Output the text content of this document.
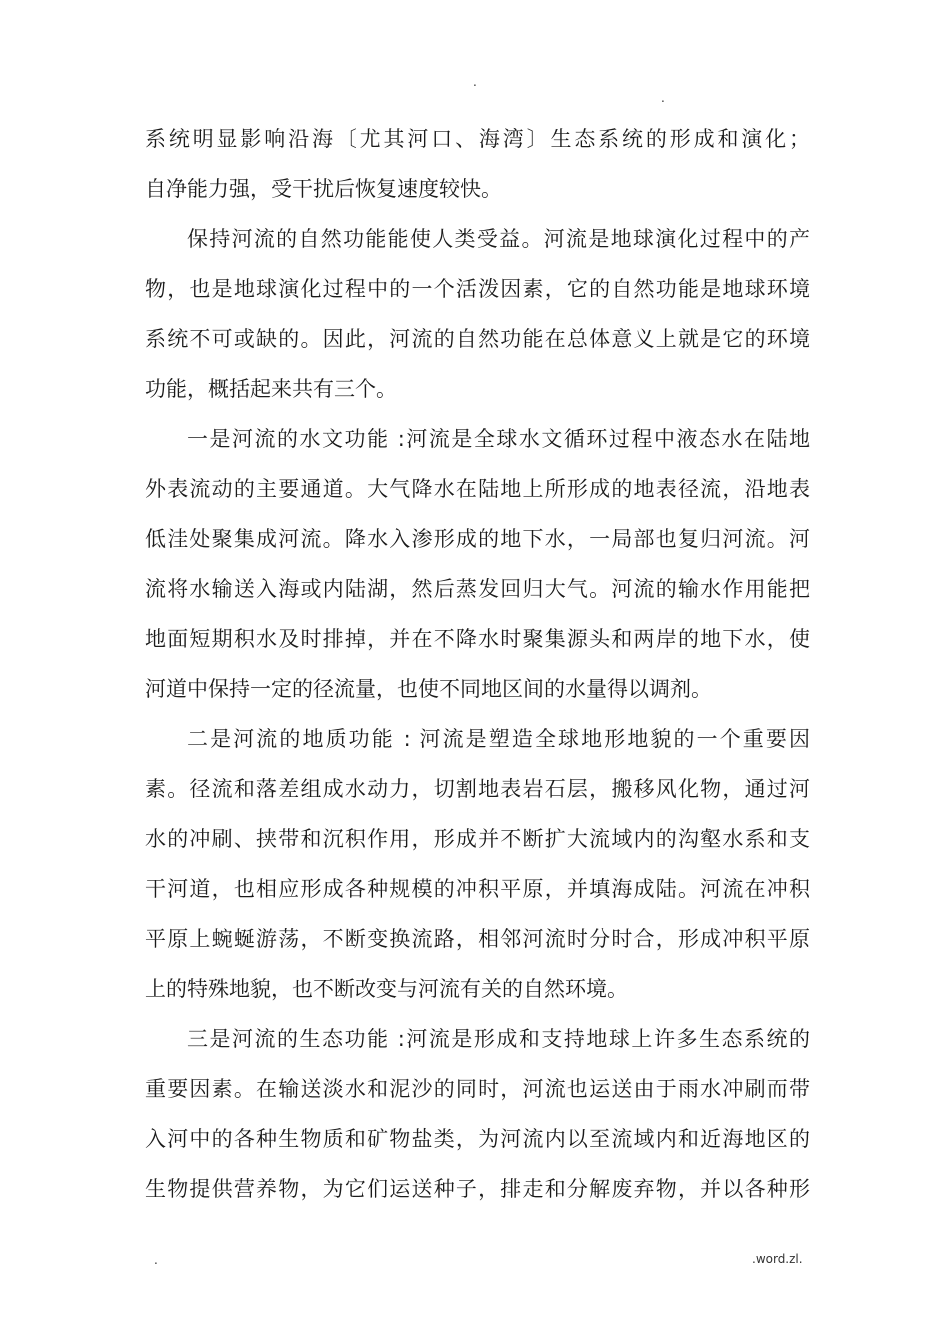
.
.
系统明显影响沿海〔尤其河口、海湾〕生态系统的形成和演化；
自净能力强，受干扰后恢复速度较快。
保持河流的自然功能能使人类受益。河流是地球演化过程中的产
物，也是地球演化过程中的一个活泼因素，它的自然功能是地球环境
系统不可或缺的。因此，河流的自然功能在总体意义上就是它的环境
功能，概括起来共有三个。
一是河流的水文功能 :河流是全球水文循环过程中液态水在陆地
外表流动的主要通道。大气降水在陆地上所形成的地表径流，沿地表
低洼处聚集成河流。降水入渗形成的地下水，一局部也复归河流。河
流将水输送入海或内陆湖，然后蒸发回归大气。河流的输水作用能把
地面短期积水及时排掉，并在不降水时聚集源头和两岸的地下水，使
河道中保持一定的径流量，也使不同地区间的水量得以调剂。
二是河流的地质功能 : 河流是塑造全球地形地貌的一个重要因
素。径流和落差组成水动力，切割地表岩石层，搬移风化物，通过河
水的冲刷、挟带和沉积作用，形成并不断扩大流域内的沟壑水系和支
干河道，也相应形成各种规模的冲积平原，并填海成陆。河流在冲积
平原上蜿蜒游荡，不断变换流路，相邻河流时分时合，形成冲积平原
上的特殊地貌，也不断改变与河流有关的自然环境。
三是河流的生态功能 :河流是形成和支持地球上许多生态系统的
重要因素。在输送淡水和泥沙的同时，河流也运送由于雨水冲刷而带
入河中的各种生物质和矿物盐类，为河流内以至流域内和近海地区的
生物提供营养物，为它们运送种子，排走和分解废弃物，并以各种形
.	.word.zl.
